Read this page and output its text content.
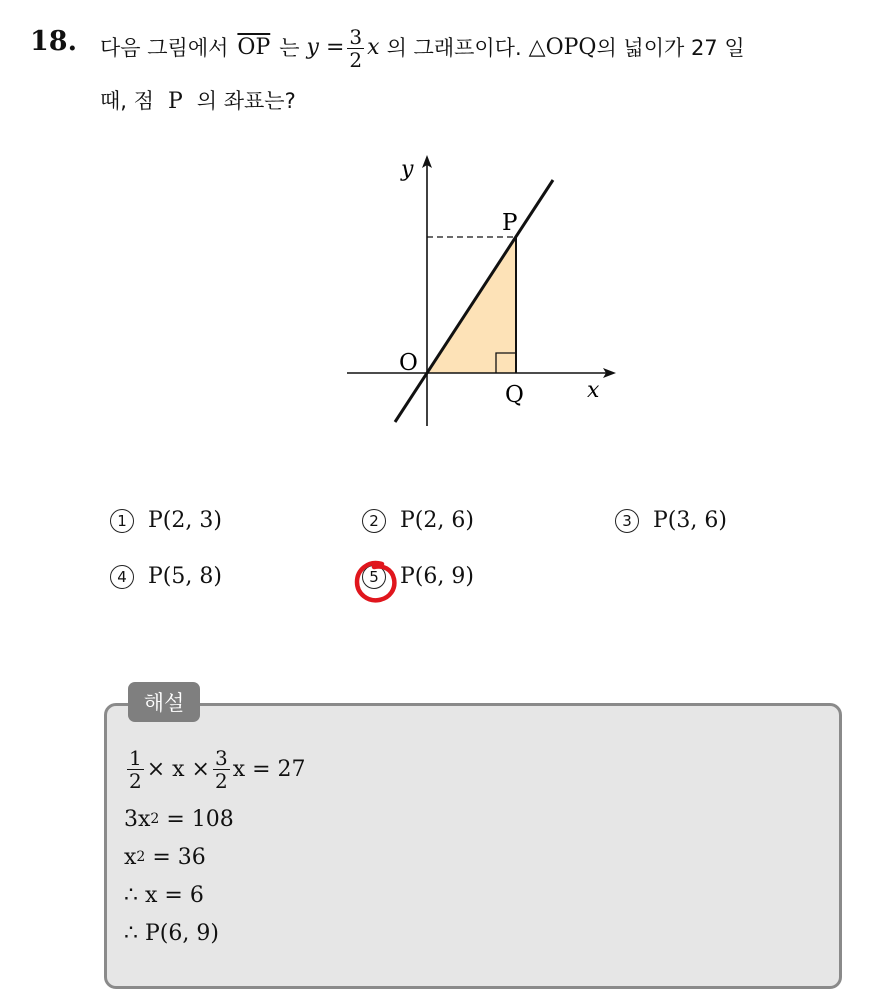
18. 다음 그림에서 $\overline{OP}$ 는 $y = \frac{3}{2}$ x 의 그래프이다. △OPQ 의 넓이가 27 일
때, 점 P 의 좌표는?
y
P
O
Q	x
1 P(2, 3)	2 P(2, 6)	3 P(3, 6)
4 P(5, 8)	5 P(6, 9)
해설
$\frac{1}{2} \times x \times \frac{3}{2}$ x = 27
3x 2 = 108
x 2 = 36
∴ x = 6
∴ P(6, 9)
